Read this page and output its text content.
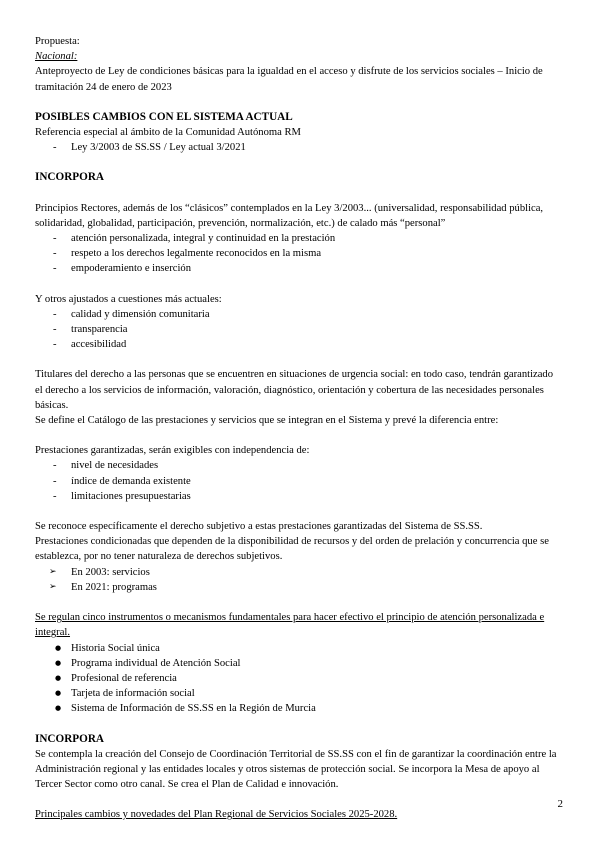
Propuesta:

Nacional:

Anteproyecto de Ley de condiciones básicas para la igualdad en el acceso y disfrute de los servicios sociales – Inicio de tramitación 24 de enero de 2023

POSIBLES CAMBIOS CON EL SISTEMA ACTUAL

Referencia especial al ámbito de la Comunidad Autónoma RM

- Ley 3/2003 de SS.SS / Ley actual 3/2021

INCORPORA

Principios Rectores, además de los “clásicos” contemplados en la Ley 3/2003... (universalidad, responsabilidad pública, solidaridad, globalidad, participación, prevención, normalización, etc.) de calado más “personal”

- atención personalizada, integral y continuidad en la prestación
- respeto a los derechos legalmente reconocidos en la misma
- empoderamiento e inserción

Y otros ajustados a cuestiones más actuales:

- calidad y dimensión comunitaria
- transparencia
- accesibilidad

Titulares del derecho a las personas que se encuentren en situaciones de urgencia social: en todo caso, tendrán garantizado el derecho a los servicios de información, valoración, diagnóstico, orientación y cobertura de las necesidades personales básicas.

Se define el Catálogo de las prestaciones y servicios que se integran en el Sistema y prevé la diferencia entre:

Prestaciones garantizadas, serán exigibles con independencia de:

- nivel de necesidades
- índice de demanda existente
- limitaciones presupuestarias

Se reconoce específicamente el derecho subjetivo a estas prestaciones garantizadas del Sistema de SS.SS.

Prestaciones condicionadas que dependen de la disponibilidad de recursos y del orden de prelación y concurrencia que se establezca, por no tener naturaleza de derechos subjetivos.

➢ En 2003: servicios
➢ En 2021: programas

Se regulan cinco instrumentos o mecanismos fundamentales para hacer efectivo el principio de atención personalizada e integral.

● Historia Social única
● Programa individual de Atención Social
● Profesional de referencia
● Tarjeta de información social
● Sistema de Información de SS.SS en la Región de Murcia

INCORPORA

Se contempla la creación del Consejo de Coordinación Territorial de SS.SS con el fin de garantizar la coordinación entre la Administración regional y las entidades locales y otros sistemas de protección social. Se incorpora la Mesa de apoyo al Tercer Sector como otro canal. Se crea el Plan de Calidad e innovación.

Principales cambios y novedades del Plan Regional de Servicios Sociales 2025-2028.

2
